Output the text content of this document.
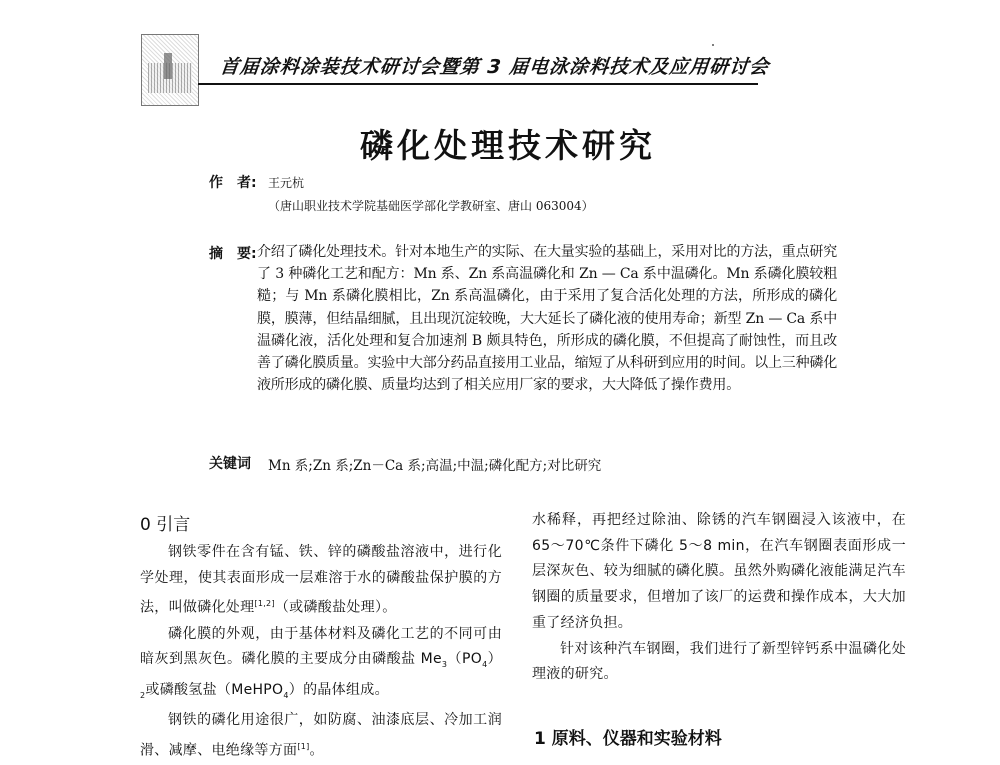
首届涂料涂装技术研讨会暨第 3 届电泳涂料技术及应用研讨会
磷化处理技术研究
作　者: 王元杭
（唐山职业技术学院基础医学部化学教研室、唐山 063004）
摘　要: 介绍了磷化处理技术。针对本地生产的实际、在大量实验的基础上，采用对比的方法，重点研究了 3 种磷化工艺和配方：Mn 系、Zn 系高温磷化和 Zn — Ca 系中温磷化。Mn 系磷化膜较粗糙；与 Mn 系磷化膜相比，Zn 系高温磷化，由于采用了复合活化处理的方法，所形成的磷化膜，膜薄，但结晶细腻，且出现沉淀较晚，大大延长了磷化液的使用寿命；新型 Zn — Ca 系中温磷化液，活化处理和复合加速剂 B 颇具特色，所形成的磷化膜，不但提高了耐蚀性，而且改善了磷化膜质量。实验中大部分药品直接用工业品，缩短了从科研到应用的时间。以上三种磷化液所形成的磷化膜、质量均达到了相关应用厂家的要求，大大降低了操作费用。
关键词 Mn 系;Zn 系;Zn－Ca 系;高温;中温;磷化配方;对比研究
0 引言

钢铁零件在含有锰、铁、锌的磷酸盐溶液中，进行化学处理，使其表面形成一层难溶于水的磷酸盐保护膜的方法，叫做磷化处理[1,2]（或磷酸盐处理）。

磷化膜的外观，由于基体材料及磷化工艺的不同可由暗灰到黑灰色。磷化膜的主要成分由磷酸盐 $Me_3(PO_4)_2$或磷酸氢盐（MeHPO$_4$）的晶体组成。

钢铁的磷化用途很广，如防腐、油漆底层、冷加工润滑、减摩、电绝缘等方面[1]。

水稀释，再把经过除油、除锈的汽车钢圈浸入该液中，在 65～70℃条件下磷化 5～8 min，在汽车钢圈表面形成一层深灰色、较为细腻的磷化膜。虽然外购磷化液能满足汽车钢圈的质量要求，但增加了该厂的运费和操作成本，大大加重了经济负担。

针对该种汽车钢圈，我们进行了新型锌钙系中温磷化处理液的研究。

1 原料、仪器和实验材料
